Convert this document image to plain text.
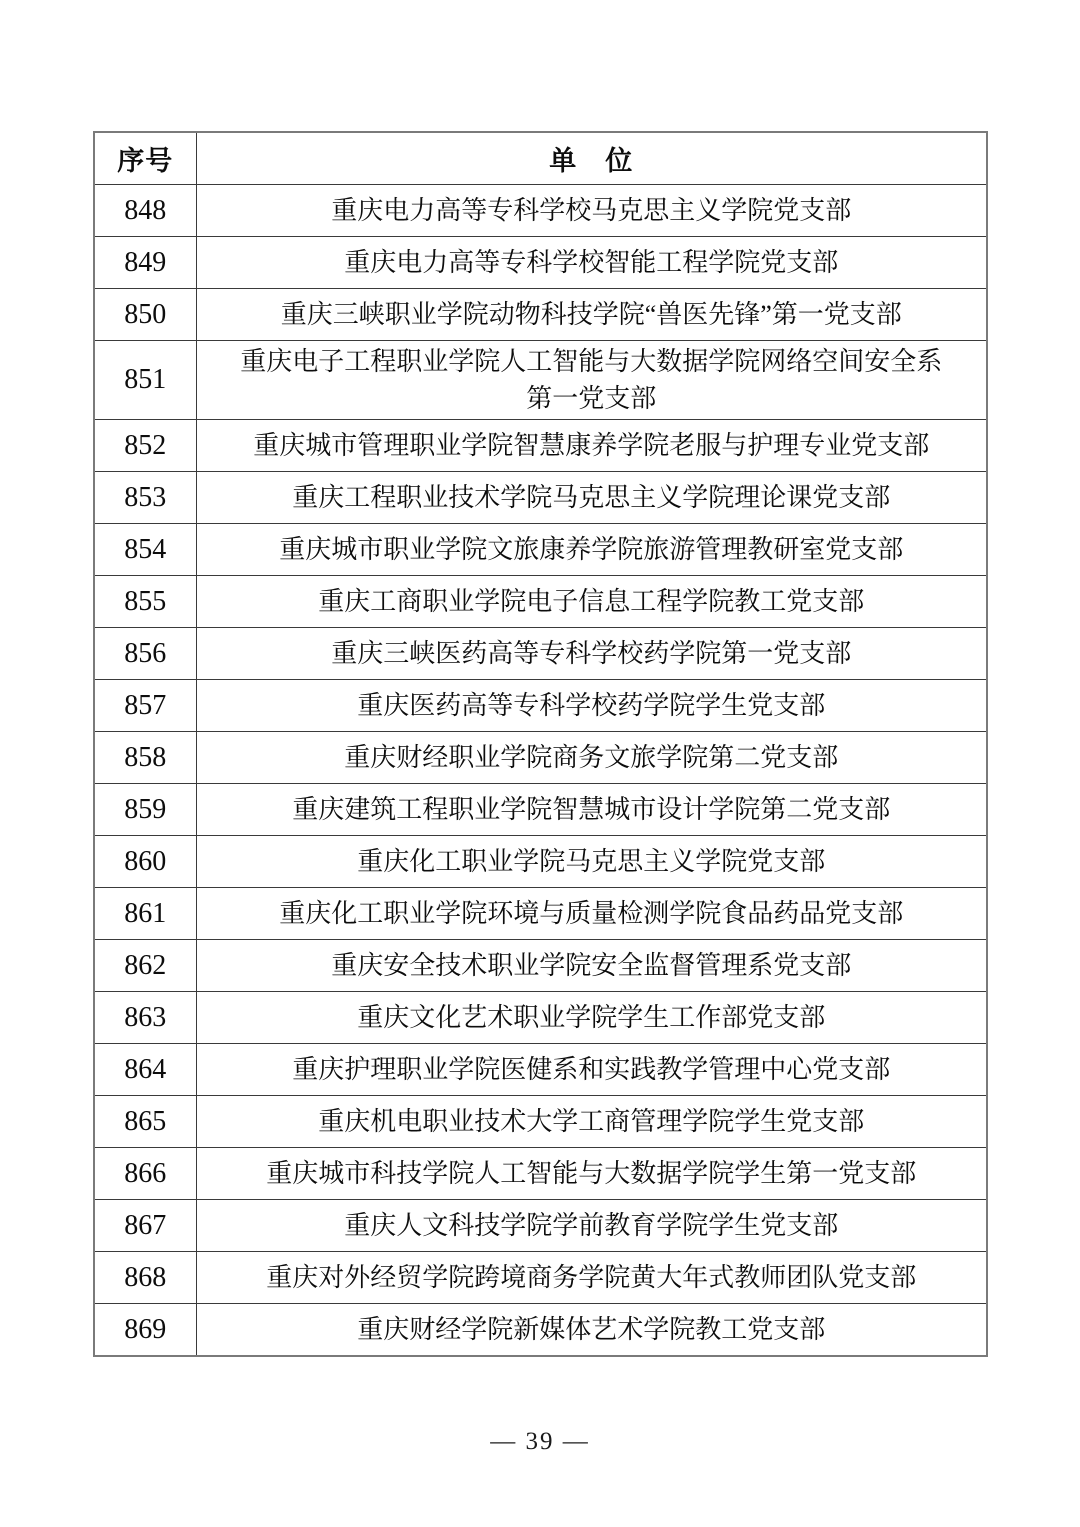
序号	单　位
848	重庆电力高等专科学校马克思主义学院党支部
849	重庆电力高等专科学校智能工程学院党支部
850	重庆三峡职业学院动物科技学院“兽医先锋”第一党支部
851	重庆电子工程职业学院人工智能与大数据学院网络空间安全系第一党支部
852	重庆城市管理职业学院智慧康养学院老服与护理专业党支部
853	重庆工程职业技术学院马克思主义学院理论课党支部
854	重庆城市职业学院文旅康养学院旅游管理教研室党支部
855	重庆工商职业学院电子信息工程学院教工党支部
856	重庆三峡医药高等专科学校药学院第一党支部
857	重庆医药高等专科学校药学院学生党支部
858	重庆财经职业学院商务文旅学院第二党支部
859	重庆建筑工程职业学院智慧城市设计学院第二党支部
860	重庆化工职业学院马克思主义学院党支部
861	重庆化工职业学院环境与质量检测学院食品药品党支部
862	重庆安全技术职业学院安全监督管理系党支部
863	重庆文化艺术职业学院学生工作部党支部
864	重庆护理职业学院医健系和实践教学管理中心党支部
865	重庆机电职业技术大学工商管理学院学生党支部
866	重庆城市科技学院人工智能与大数据学院学生第一党支部
867	重庆人文科技学院学前教育学院学生党支部
868	重庆对外经贸学院跨境商务学院黄大年式教师团队党支部
869	重庆财经学院新媒体艺术学院教工党支部
— 39 —
